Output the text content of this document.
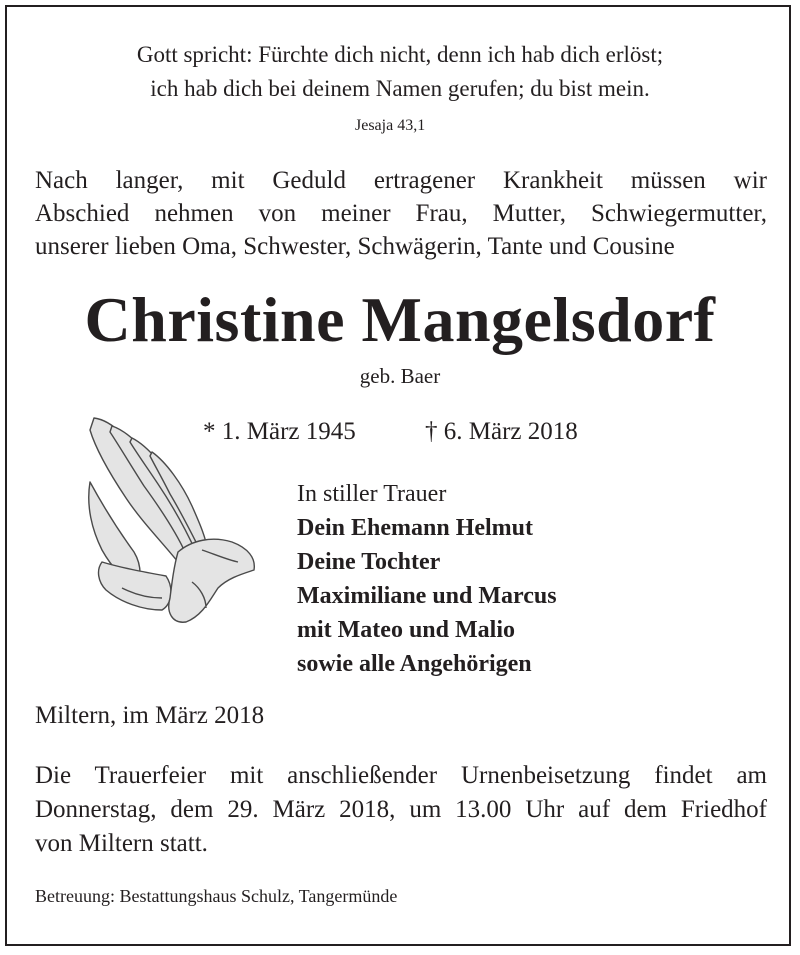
Gott spricht: Fürchte dich nicht, denn ich hab dich erlöst;
ich hab dich bei deinem Namen gerufen; du bist mein.
Jesaja 43,1
Nach langer, mit Geduld ertragener Krankheit müssen wir
Abschied nehmen von meiner Frau, Mutter, Schwiegermutter,
unserer lieben Oma, Schwester, Schwägerin, Tante und Cousine
Christine Mangelsdorf
geb. Baer
* 1. März 1945	† 6. März 2018
In stiller Trauer
Dein Ehemann Helmut
Deine Tochter
Maximiliane und Marcus
mit Mateo und Malio
sowie alle Angehörigen
Miltern, im März 2018
Die Trauerfeier mit anschließender Urnenbeisetzung findet am
Donnerstag, dem 29. März 2018, um 13.00 Uhr auf dem Friedhof
von Miltern statt.
Betreuung: Bestattungshaus Schulz, Tangermünde
